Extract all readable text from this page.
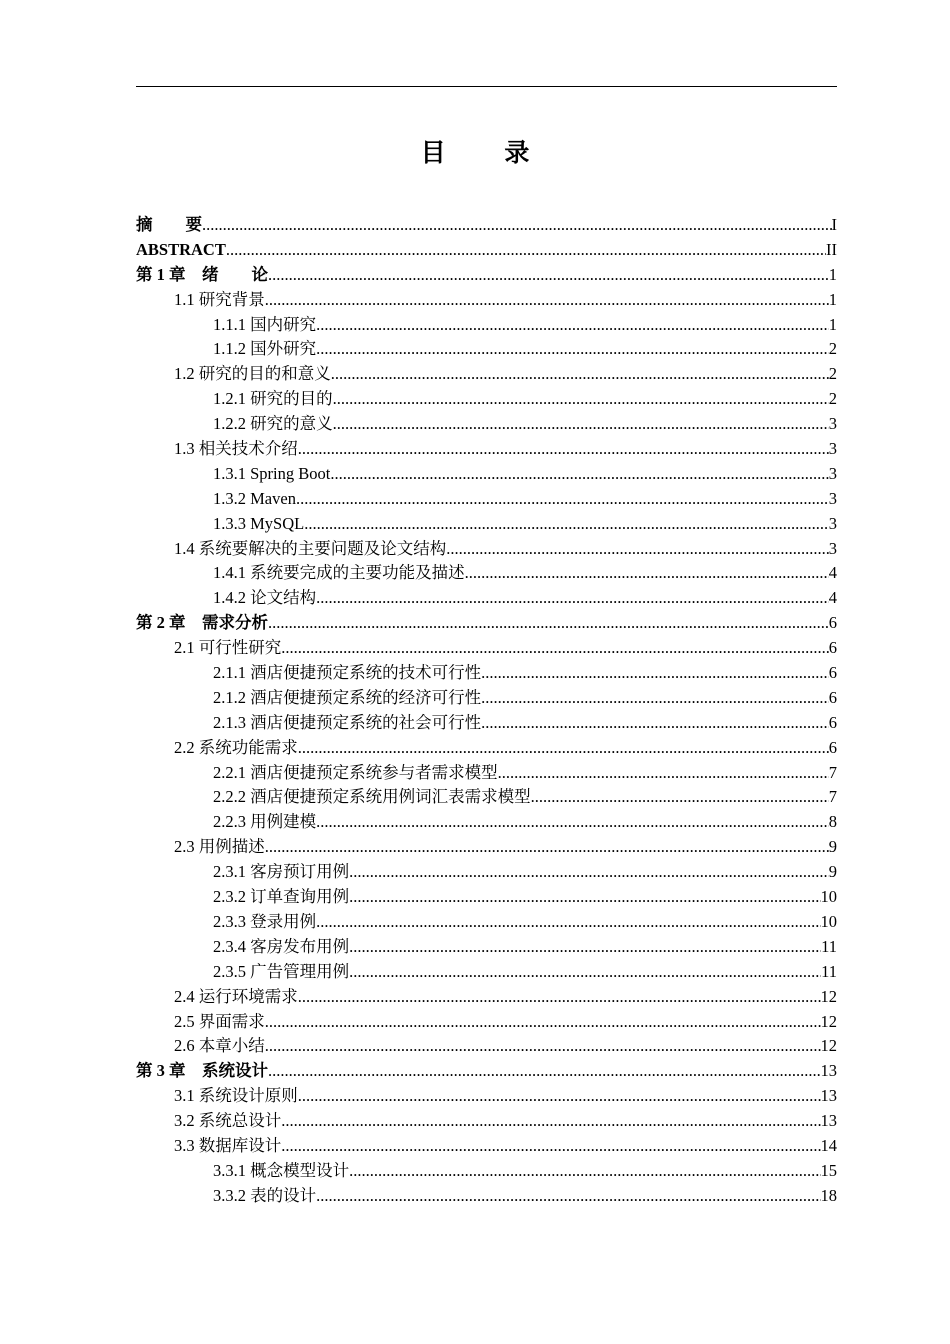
目 录
摘　　要 .....	I
ABSTRACT .....	II
第 1 章　绪　　论 .....	1
1.1 研究背景 .....	1
1.1.1 国内研究 .....	1
1.1.2 国外研究 .....	2
1.2 研究的目的和意义 .....	2
1.2.1 研究的目的 .....	2
1.2.2 研究的意义 .....	3
1.3 相关技术介绍 .....	3
1.3.1 Spring Boot .....	3
1.3.2 Maven .....	3
1.3.3 MySQL .....	3
1.4 系统要解决的主要问题及论文结构 .....	3
1.4.1 系统要完成的主要功能及描述 .....	4
1.4.2 论文结构 .....	4
第 2 章　需求分析 .....	6
2.1 可行性研究 .....	6
2.1.1 酒店便捷预定系统的技术可行性 .....	6
2.1.2 酒店便捷预定系统的经济可行性 .....	6
2.1.3 酒店便捷预定系统的社会可行性 .....	6
2.2 系统功能需求 .....	6
2.2.1 酒店便捷预定系统参与者需求模型 .....	7
2.2.2 酒店便捷预定系统用例词汇表需求模型 .....	7
2.2.3 用例建模 .....	8
2.3 用例描述 .....	9
2.3.1 客房预订用例 .....	9
2.3.2 订单查询用例 .....	10
2.3.3 登录用例 .....	10
2.3.4 客房发布用例 .....	11
2.3.5 广告管理用例 .....	11
2.4 运行环境需求 .....	12
2.5 界面需求 .....	12
2.6 本章小结 .....	12
第 3 章　系统设计 .....	13
3.1 系统设计原则 .....	13
3.2 系统总设计 .....	13
3.3 数据库设计 .....	14
3.3.1 概念模型设计 .....	15
3.3.2 表的设计 .....	18
